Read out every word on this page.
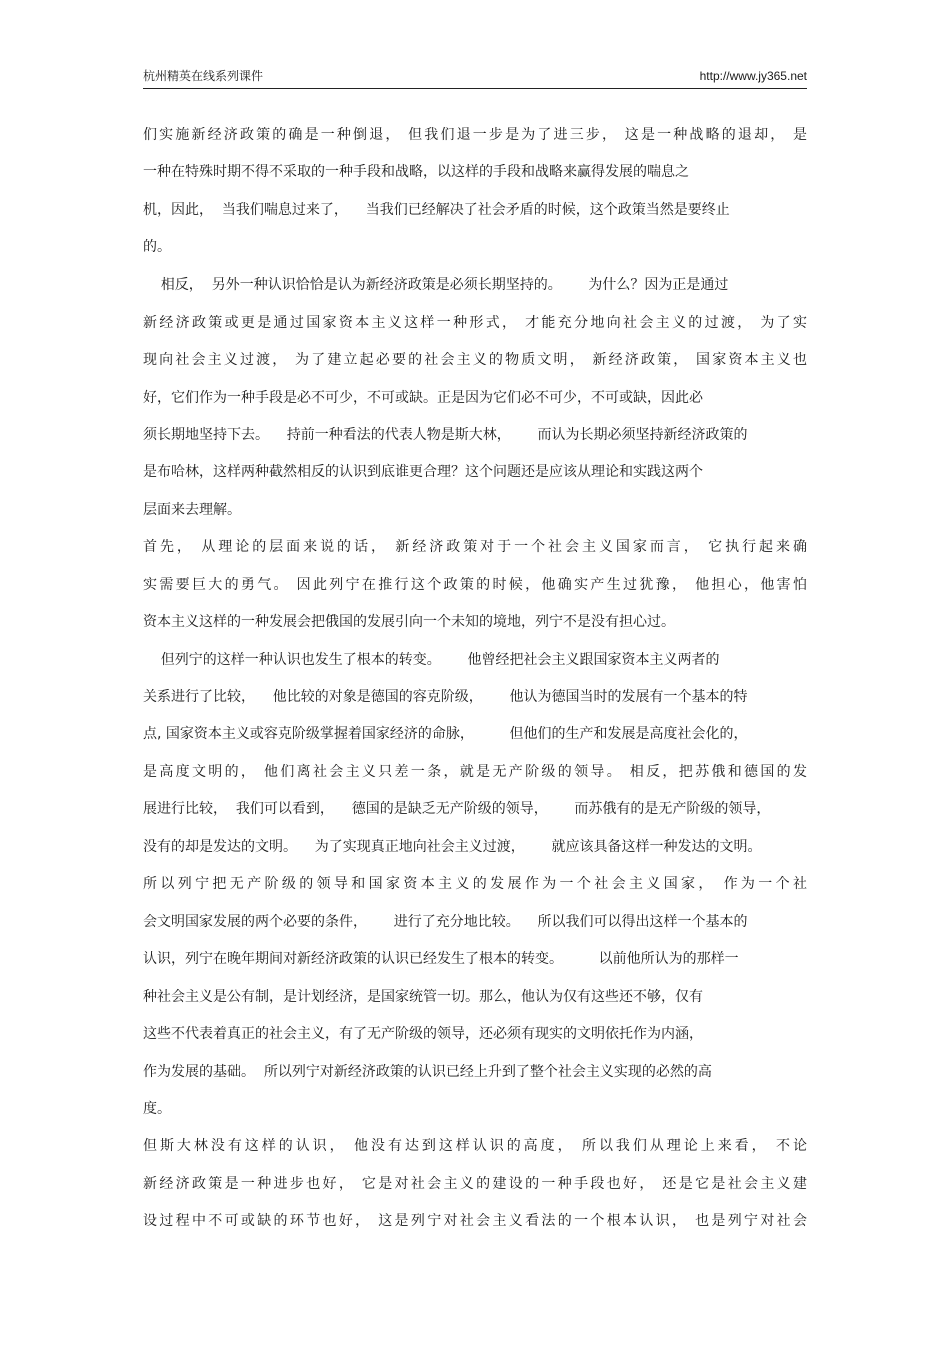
杭州精英在线系列课件	http://www.jy365.net
们实施新经济政策的确是一种倒退， 但我们退一步是为了进三步， 这是一种战略的退却， 是
一种在特殊时期不得不采取的一种手段和战略，以这样的手段和战略来赢得发展的喘息之
机，因此，  当我们喘息过来了，    当我们已经解决了社会矛盾的时候，这个政策当然是要终止
的。
相反，  另外一种认识恰恰是认为新经济政策是必须长期坚持的。      为什么？因为正是通过
新经济政策或更是通过国家资本主义这样一种形式， 才能充分地向社会主义的过渡， 为了实
现向社会主义过渡， 为了建立起必要的社会主义的物质文明， 新经济政策， 国家资本主义也
好，它们作为一种手段是必不可少，不可或缺。正是因为它们必不可少，不可或缺，因此必
须长期地坚持下去。    持前一种看法的代表人物是斯大林，      而认为长期必须坚持新经济政策的
是布哈林，这样两种截然相反的认识到底谁更合理？这个问题还是应该从理论和实践这两个
层面来去理解。
首先， 从理论的层面来说的话， 新经济政策对于一个社会主义国家而言， 它执行起来确
实需要巨大的勇气。 因此列宁在推行这个政策的时候，他确实产生过犹豫， 他担心，他害怕
资本主义这样的一种发展会把俄国的发展引向一个未知的境地，列宁不是没有担心过。
但列宁的这样一种认识也发生了根本的转变。      他曾经把社会主义跟国家资本主义两者的
关系进行了比较，    他比较的对象是德国的容克阶级，      他认为德国当时的发展有一个基本的特
点, 国家资本主义或容克阶级掌握着国家经济的命脉，        但他们的生产和发展是高度社会化的，
是高度文明的， 他们离社会主义只差一条，就是无产阶级的领导。 相反，把苏俄和德国的发
展进行比较，  我们可以看到，    德国的是缺乏无产阶级的领导，      而苏俄有的是无产阶级的领导，
没有的却是发达的文明。    为了实现真正地向社会主义过渡，      就应该具备这样一种发达的文明。
所以列宁把无产阶级的领导和国家资本主义的发展作为一个社会主义国家， 作为一个社
会文明国家发展的两个必要的条件，      进行了充分地比较。    所以我们可以得出这样一个基本的
认识，列宁在晚年期间对新经济政策的认识已经发生了根本的转变。        以前他所认为的那样一
种社会主义是公有制，是计划经济，是国家统管一切。那么，他认为仅有这些还不够，仅有
这些不代表着真正的社会主义，有了无产阶级的领导，还必须有现实的文明依托作为内涵，
作为发展的基础。  所以列宁对新经济政策的认识已经上升到了整个社会主义实现的必然的高
度。
但斯大林没有这样的认识， 他没有达到这样认识的高度， 所以我们从理论上来看， 不论
新经济政策是一种进步也好， 它是对社会主义的建设的一种手段也好， 还是它是社会主义建
设过程中不可或缺的环节也好， 这是列宁对社会主义看法的一个根本认识， 也是列宁对社会
